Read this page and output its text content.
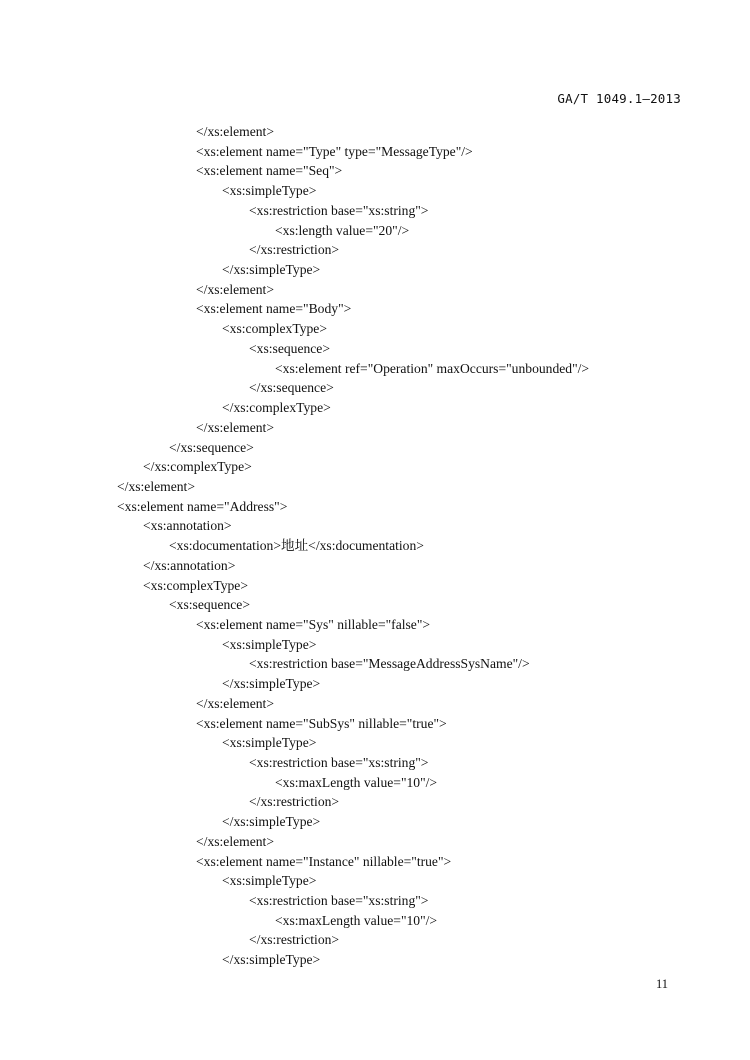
GA/T 1049.1—2013
</xs:element>
<xs:element name="Type" type="MessageType"/>
<xs:element name="Seq">
<xs:simpleType>
<xs:restriction base="xs:string">
<xs:length value="20"/>
</xs:restriction>
</xs:simpleType>
</xs:element>
<xs:element name="Body">
<xs:complexType>
<xs:sequence>
<xs:element ref="Operation" maxOccurs="unbounded"/>
</xs:sequence>
</xs:complexType>
</xs:element>
</xs:sequence>
</xs:complexType>
</xs:element>
<xs:element name="Address">
<xs:annotation>
<xs:documentation>地址</xs:documentation>
</xs:annotation>
<xs:complexType>
<xs:sequence>
<xs:element name="Sys" nillable="false">
<xs:simpleType>
<xs:restriction base="MessageAddressSysName"/>
</xs:simpleType>
</xs:element>
<xs:element name="SubSys" nillable="true">
<xs:simpleType>
<xs:restriction base="xs:string">
<xs:maxLength value="10"/>
</xs:restriction>
</xs:simpleType>
</xs:element>
<xs:element name="Instance" nillable="true">
<xs:simpleType>
<xs:restriction base="xs:string">
<xs:maxLength value="10"/>
</xs:restriction>
</xs:simpleType>
11
